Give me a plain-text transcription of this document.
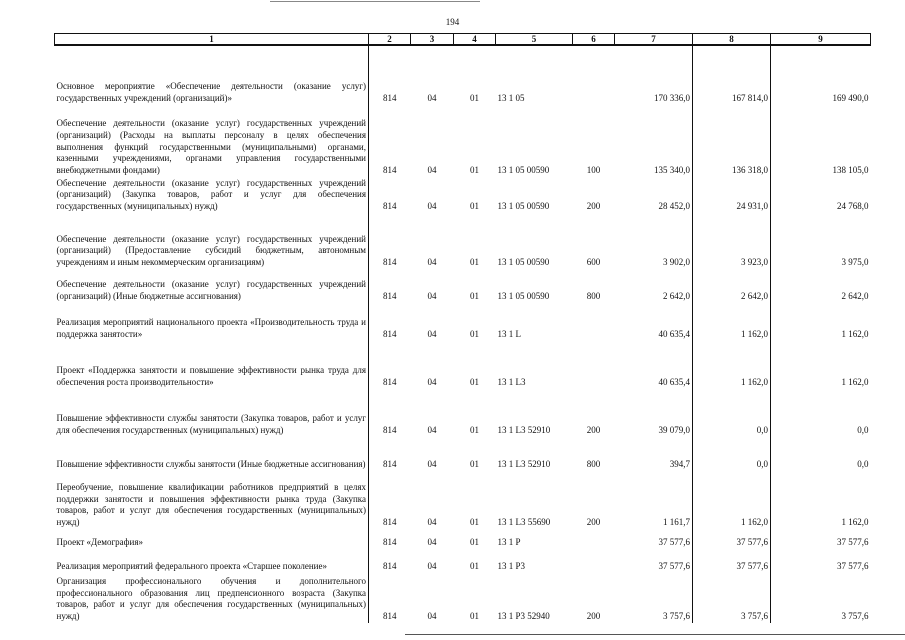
194
1	2	3	4	5	6	7	8	9
Основное мероприятие «Обеспечение деятельности (оказание услуг) государственных учреждений (организаций)»	814	04	01	13 1 05		170 336,0	167 814,0	169 490,0
Обеспечение деятельности (оказание услуг) государственных учреждений (организаций) (Расходы на выплаты персоналу в целях обеспечения выполнения функций государственными (муниципальными) органами, казенными учреждениями, органами управления государственными внебюджетными фондами)	814	04	01	13 1 05 00590	100	135 340,0	136 318,0	138 105,0
Обеспечение деятельности (оказание услуг) государственных учреждений (организаций) (Закупка товаров, работ и услуг для обеспечения государственных (муниципальных) нужд)	814	04	01	13 1 05 00590	200	28 452,0	24 931,0	24 768,0
Обеспечение деятельности (оказание услуг) государственных учреждений (организаций) (Предоставление субсидий бюджетным, автономным учреждениям и иным некоммерческим организациям)	814	04	01	13 1 05 00590	600	3 902,0	3 923,0	3 975,0
Обеспечение деятельности (оказание услуг) государственных учреждений (организаций) (Иные бюджетные ассигнования)	814	04	01	13 1 05 00590	800	2 642,0	2 642,0	2 642,0
Реализация мероприятий национального проекта «Производительность труда и поддержка занятости»	814	04	01	13 1 L		40 635,4	1 162,0	1 162,0
Проект «Поддержка занятости и повышение эффективности рынка труда для обеспечения роста производительности»	814	04	01	13 1 L3		40 635,4	1 162,0	1 162,0
Повышение эффективности службы занятости (Закупка товаров, работ и услуг для обеспечения государственных (муниципальных) нужд)	814	04	01	13 1 L3 52910	200	39 079,0	0,0	0,0
Повышение эффективности службы занятости (Иные бюджетные ассигнования)	814	04	01	13 1 L3 52910	800	394,7	0,0	0,0
Переобучение, повышение квалификации работников предприятий в целях поддержки занятости и повышения эффективности рынка труда (Закупка товаров, работ и услуг для обеспечения государственных (муниципальных) нужд)	814	04	01	13 1 L3 55690	200	1 161,7	1 162,0	1 162,0
Проект «Демография»	814	04	01	13 1 P		37 577,6	37 577,6	37 577,6
Реализация мероприятий федерального проекта «Старшее поколение»	814	04	01	13 1 P3		37 577,6	37 577,6	37 577,6
Организация профессионального обучения и дополнительного профессионального образования лиц предпенсионного возраста (Закупка товаров, работ и услуг для обеспечения государственных (муниципальных) нужд)	814	04	01	13 1 P3 52940	200	3 757,6	3 757,6	3 757,6
